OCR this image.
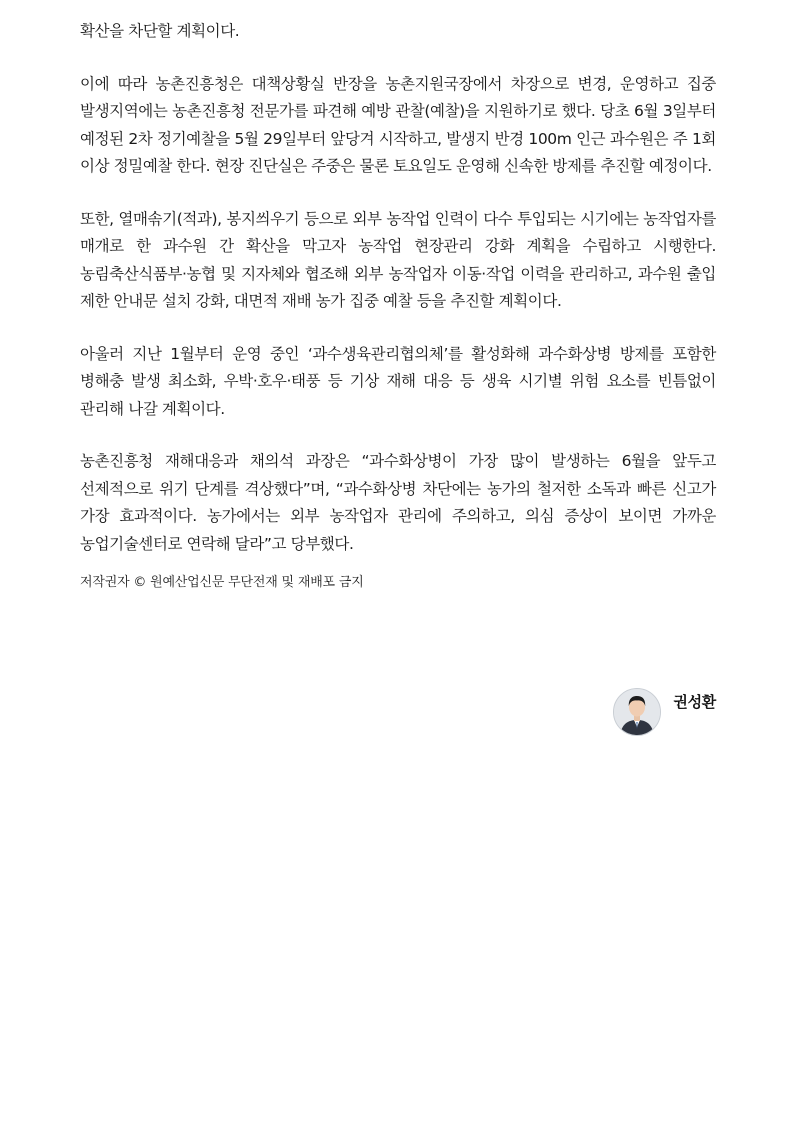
확산을 차단할 계획이다.

이에 따라 농촌진흥청은 대책상황실 반장을 농촌지원국장에서 차장으로 변경, 운영하고 집중 발생지역에는 농촌진흥청 전문가를 파견해 예방 관찰(예찰)을 지원하기로 했다. 당초 6월 3일부터 예정된 2차 정기예찰을 5월 29일부터 앞당겨 시작하고, 발생지 반경 100m 인근 과수원은 주 1회 이상 정밀예찰 한다. 현장 진단실은 주중은 물론 토요일도 운영해 신속한 방제를 추진할 예정이다.

또한, 열매솎기(적과), 봉지씌우기 등으로 외부 농작업 인력이 다수 투입되는 시기에는 농작업자를 매개로 한 과수원 간 확산을 막고자 농작업 현장관리 강화 계획을 수립하고 시행한다. 농림축산식품부·농협 및 지자체와 협조해 외부 농작업자 이동·작업 이력을 관리하고, 과수원 출입 제한 안내문 설치 강화, 대면적 재배 농가 집중 예찰 등을 추진할 계획이다.

아울러 지난 1월부터 운영 중인 ‘과수생육관리협의체’를 활성화해 과수화상병 방제를 포함한 병해충 발생 최소화, 우박·호우·태풍 등 기상 재해 대응 등 생육 시기별 위험 요소를 빈틈없이 관리해 나갈 계획이다.

농촌진흥청 재해대응과 채의석 과장은 “과수화상병이 가장 많이 발생하는 6월을 앞두고 선제적으로 위기 단계를 격상했다”며, “과수화상병 차단에는 농가의 철저한 소독과 빠른 신고가 가장 효과적이다. 농가에서는 외부 농작업자 관리에 주의하고, 의심 증상이 보이면 가까운 농업기술센터로 연락해 달라”고 당부했다.

저작권자 © 원예산업신문 무단전재 및 재배포 금지

권성환
